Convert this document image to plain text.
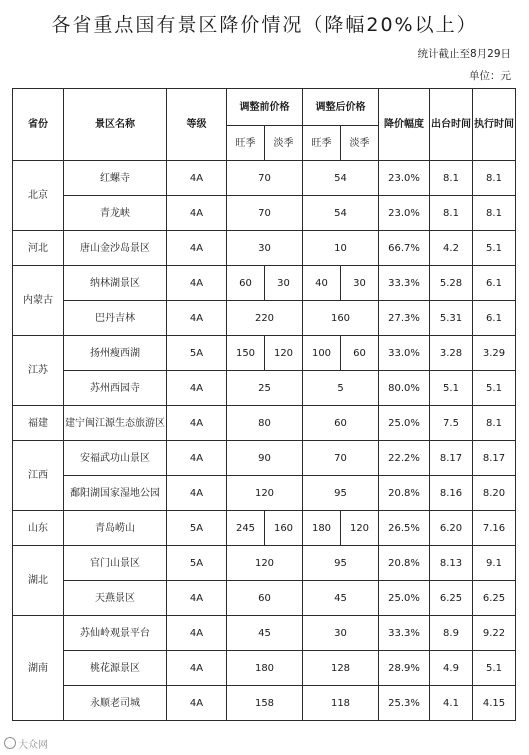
各省重点国有景区降价情况（降幅20%以上）
统计截止至8月29日
单位：元
省份	景区名称	等级	调整前价格		调整后价格		降价幅度	出台时间	执行时间
			旺季	淡季	旺季	淡季			
北京	红螺寺	4A	70		54		23.0%	8.1	8.1
	青龙峡	4A	70		54		23.0%	8.1	8.1
河北	唐山金沙岛景区	4A	30		10		66.7%	4.2	5.1
内蒙古	纳林湖景区	4A	60	30	40	30	33.3%	5.28	6.1
	巴丹吉林	4A	220		160		27.3%	5.31	6.1
江苏	扬州瘦西湖	5A	150	120	100	60	33.0%	3.28	3.29
	苏州西园寺	4A	25		5		80.0%	5.1	5.1
福建	建宁闽江源生态旅游区	4A	80		60		25.0%	7.5	8.1
江西	安福武功山景区	4A	90		70		22.2%	8.17	8.17
	鄱阳湖国家湿地公园	4A	120		95		20.8%	8.16	8.20
山东	青岛崂山	5A	245	160	180	120	26.5%	6.20	7.16
湖北	官门山景区	5A	120		95		20.8%	8.13	9.1
	天燕景区	4A	60		45		25.0%	6.25	6.25
湖南	苏仙岭观景平台	4A	45		30		33.3%	8.9	9.22
	桃花源景区	4A	180		128		28.9%	4.9	5.1
	永顺老司城	4A	158		118		25.3%	4.1	4.15
大众网
